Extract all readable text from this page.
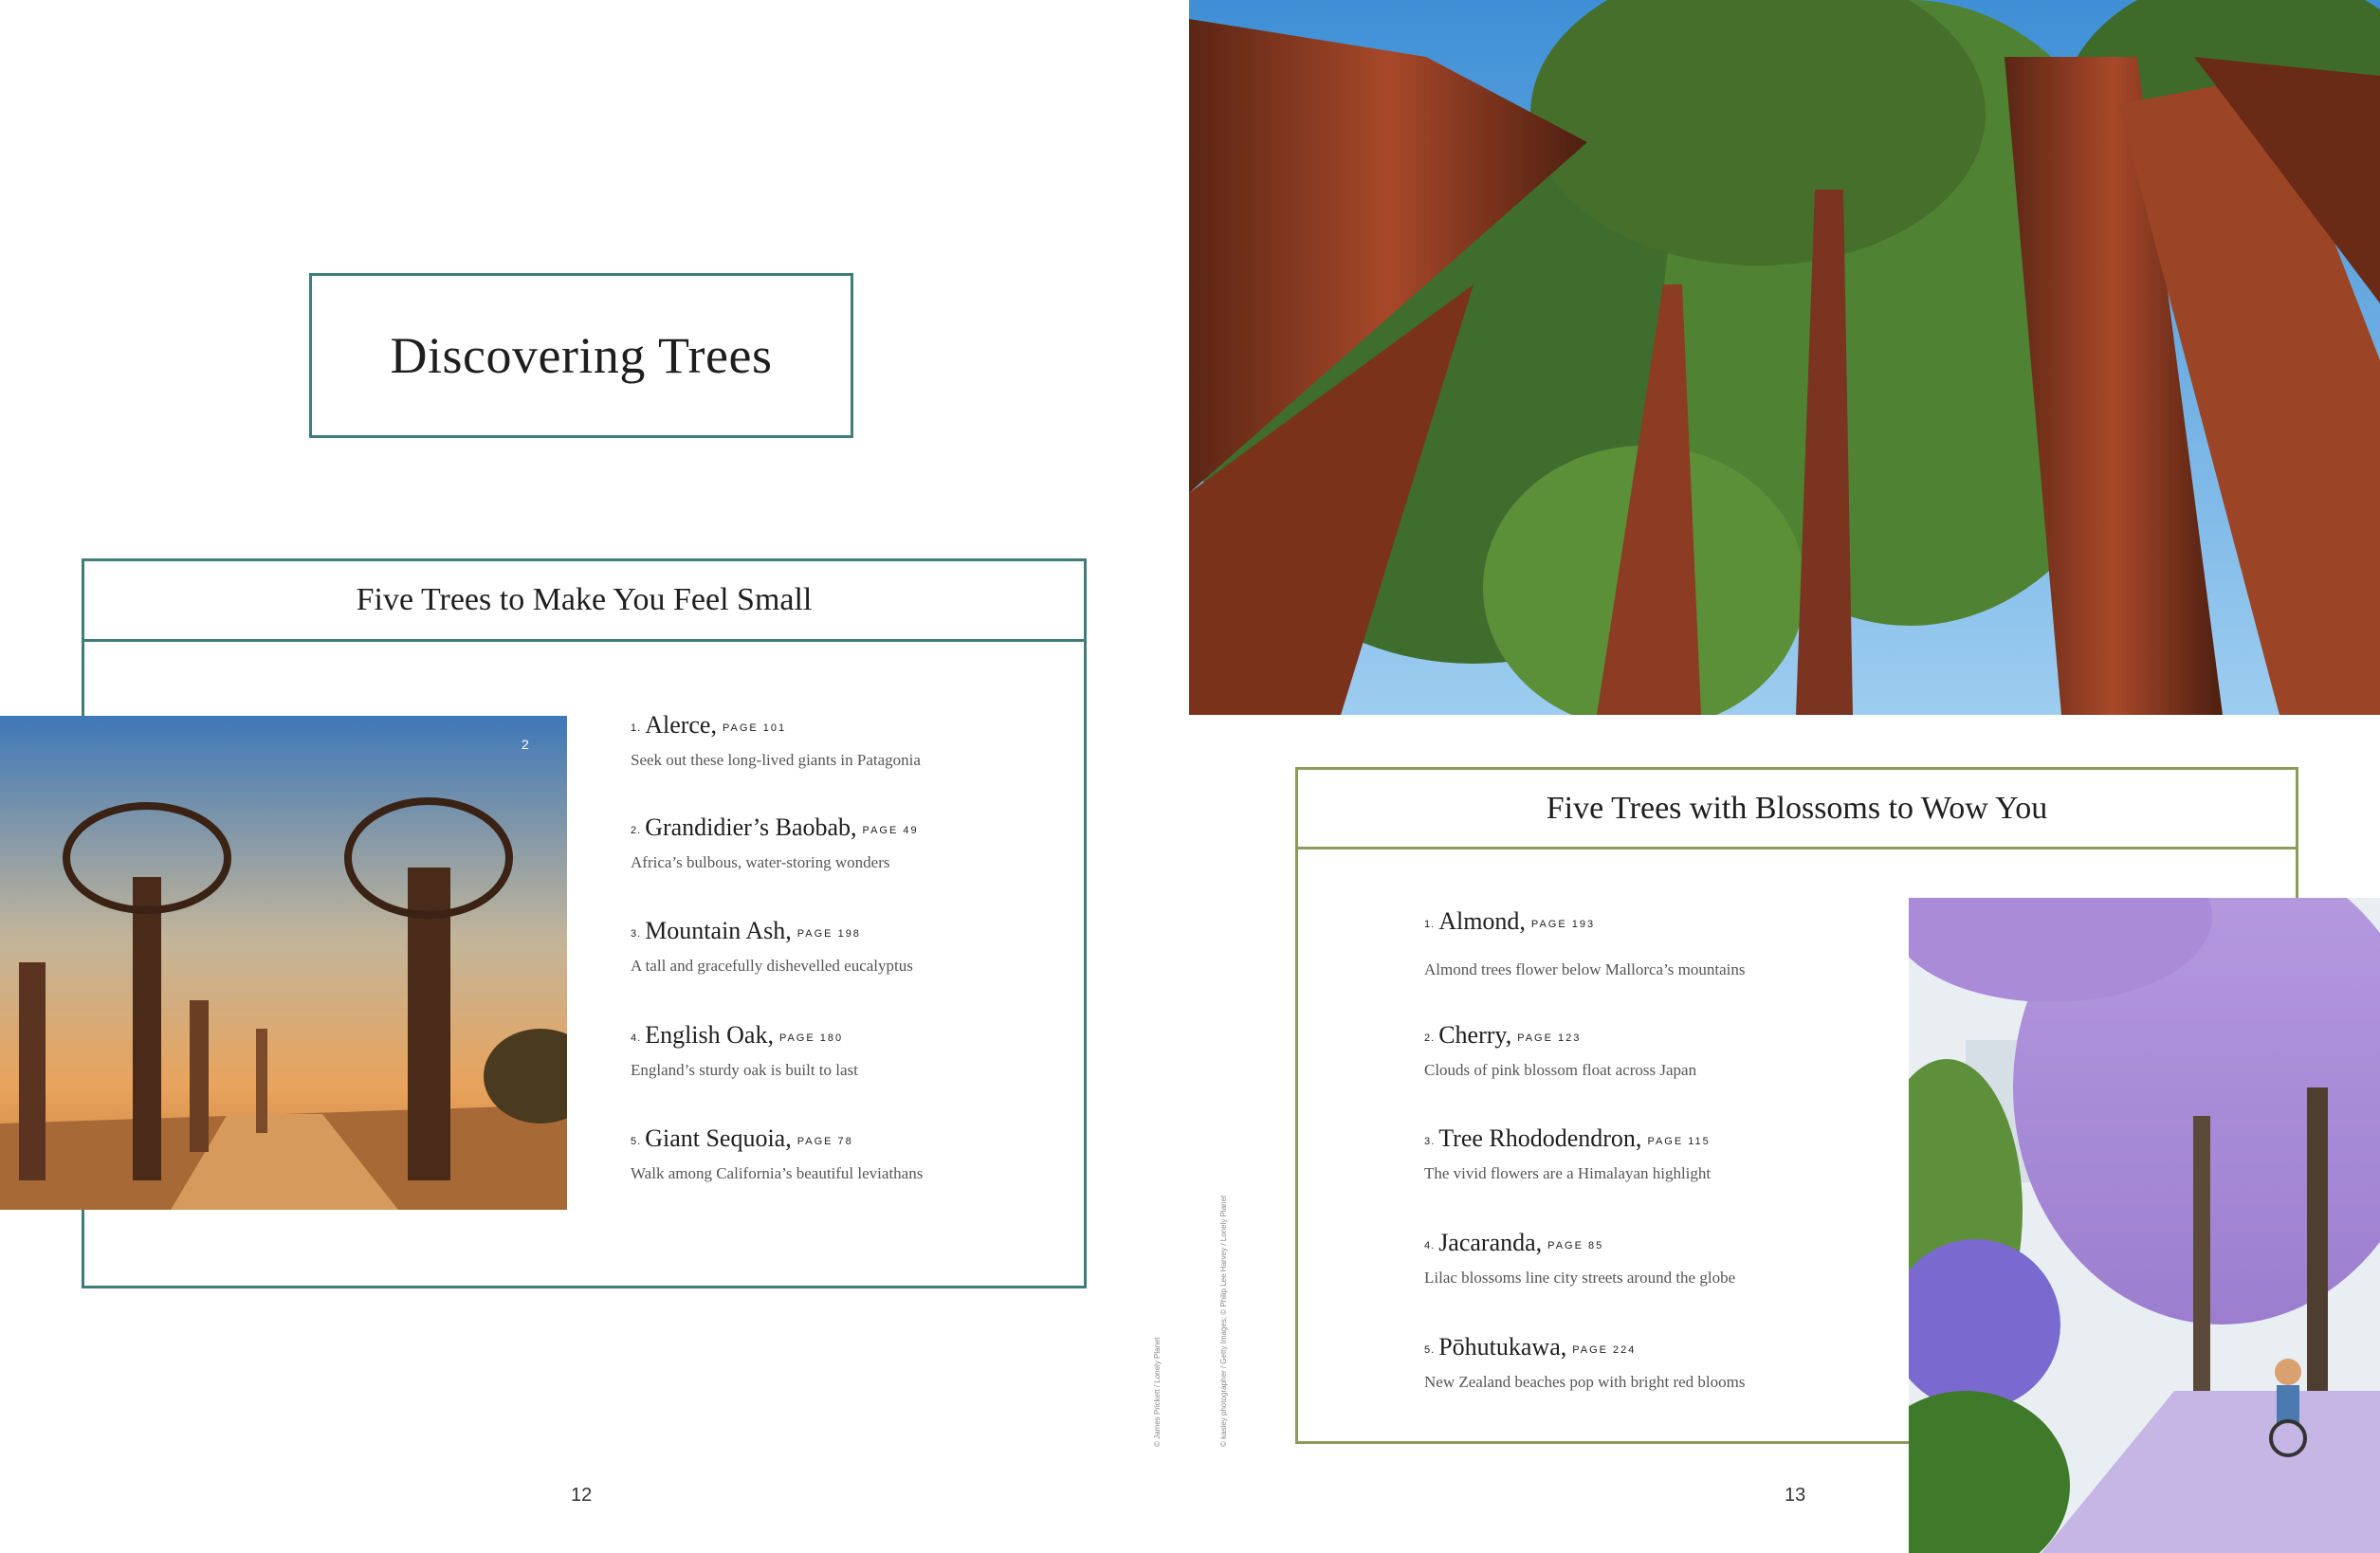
Discovering Trees
Five Trees to Make You Feel Small
2
1. Alerce, PAGE 101
Seek out these long-lived giants in Patagonia
2. Grandidier’s Baobab, PAGE 49
Africa’s bulbous, water-storing wonders
3. Mountain Ash, PAGE 198
A tall and gracefully dishevelled eucalyptus
4. English Oak, PAGE 180
England’s sturdy oak is built to last
5. Giant Sequoia, PAGE 78
Walk among California’s beautiful leviathans
Five Trees with Blossoms to Wow You
1. Almond, PAGE 193
Almond trees flower below Mallorca’s mountains
2. Cherry, PAGE 123
Clouds of pink blossom float across Japan
3. Tree Rhododendron, PAGE 115
The vivid flowers are a Himalayan highlight
4. Jacaranda, PAGE 85
Lilac blossoms line city streets around the globe
5. Pōhutukawa, PAGE 224
New Zealand beaches pop with bright red blooms
© James Prickett / Lonely Planet	© kasley photographer / Getty Images; © Philip Lee Harvey / Lonely Planet
12	13
